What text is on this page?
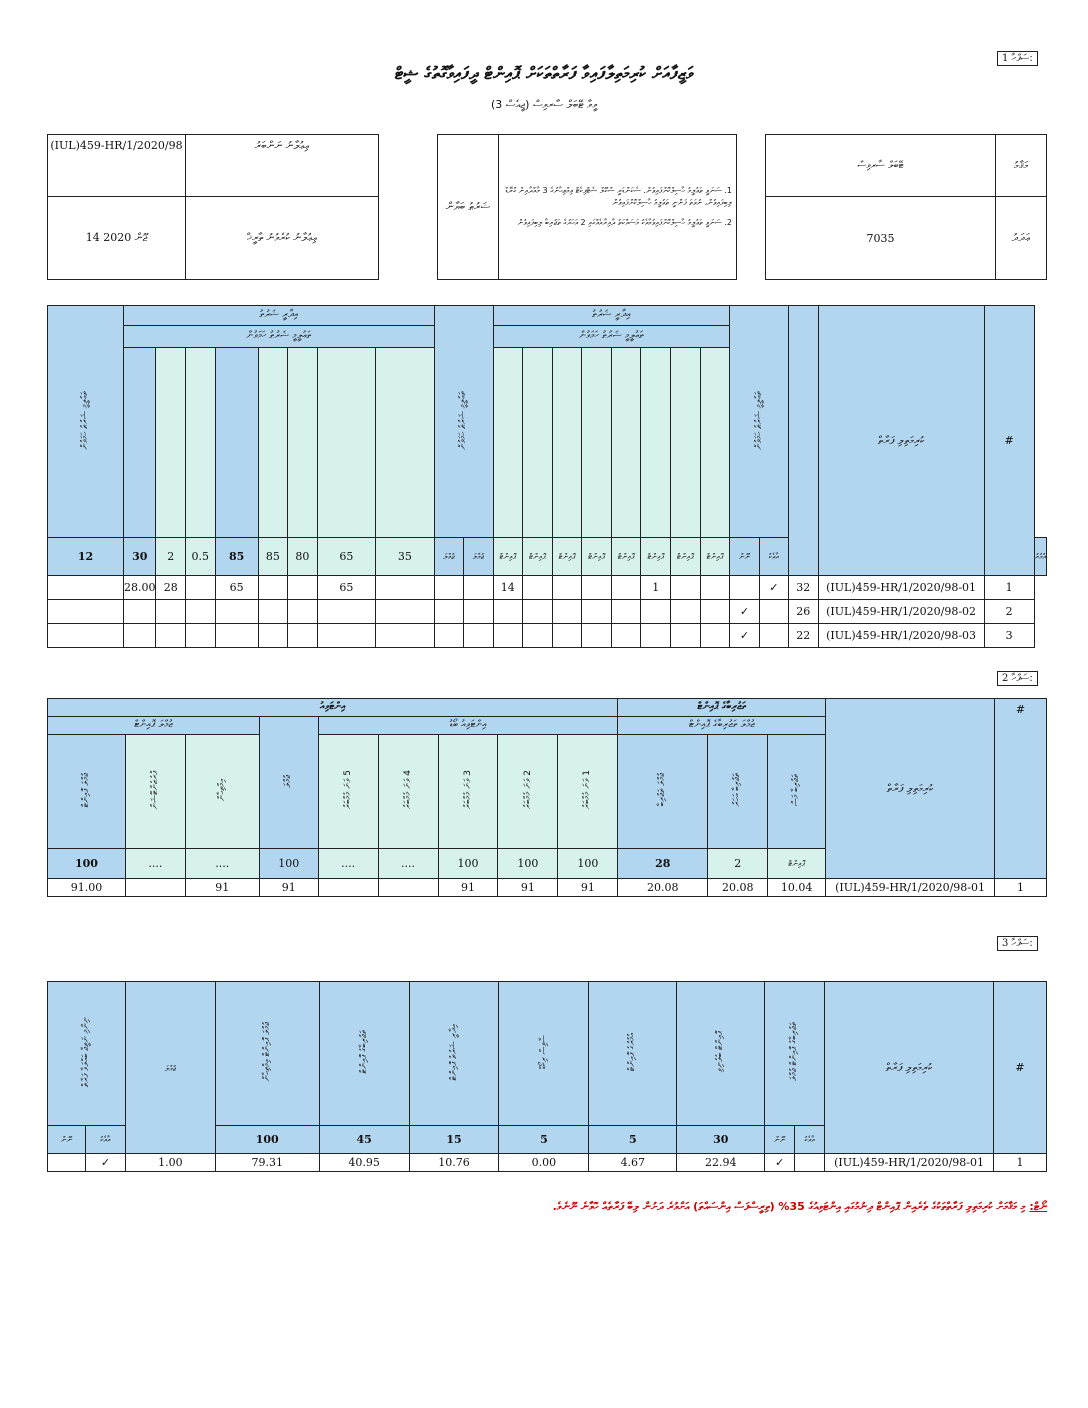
1 ސަފްހާ:
2 ސަފްހާ:
3 ސަފްހާ:
ވަޒީފާއަށް ކުރިމަތިލާފައިވާ ފަރާތްތަކަށް ޕޮއިންޓް ދީފައިވާގޮތުގެ ޝީޓް
ވީވާ ޓޭބަލް ސާރވިސް (ޖީއެސް 3)
(IUL)459-HR/1/2020/98	ޢިޢުލާނު ނަންބަރު
14 ޖޫން 2020	ޢިޢުލާނު ކުރެވުނު ތާރީޚް
ޝަރުޠު ބަޔާން	
1. ސަނަވީ ތަޢުލީމު ހާސިލްކޮށްފައިވުން. ސެކަންޑަރީ ސްކޫލް ސެޓްފިކެޓް ޢިމްތިޙާނުގެ 3 މާއްދާއިން ގްރޭޑް ލިބިފައިވުން، ނުވަތަ ފަންނީ ތަޢުލީމު ހާސިލްކޮށްފައިވުން
2. ސަނަވީ ތަޢުލީމު ހާސިލްކޮށްފައިވުމާއެކު މަސައްކަތު ދާއިރާއެއްގައި 2 އަހަރުގެ ތަޖުރިބާ ލިބިފައިވުން
ޓޭބަލް ސާރވިސް	މަޤާމު
7035	ޢަދަދު
ތަޢުލީމީ ޝަރުޠު ހަމަވުން	އިދާރީ ޝަރުތު								ތަޢުލީމީ ޝަރުޠު ހަމަވުން		އިދާރީ ޝަރުތު								ތަޢުލީމީ ޝަރުޠު ހަމަވުން			ކުރިމަތިލި ފަރާތް	#	
	ތަޢުލީމީ ޝަރުޠު ހަމަވުން										ތަޢުލީމީ ޝަރުޠު ހަމަވުން													

12	30	2	0.5	85	85	80	65	35	ޖުމްލަ	ޖުމްލަ	ޕޮއިންޓް	ޕޮއިންޓް	ޕޮއިންޓް	ޕޮއިންޓް	ޕޮއިންޓް	ޕޮއިންޓް	ޕޮއިންޓް	ޕޮއިންޓް	ނޫން	އާއެކު				އުމުރު
	28.00	28		65			65				14					1				✓	32	(IUL)459-HR/1/2020/98-01	1	
																			✓		26	(IUL)459-HR/1/2020/98-02	2	
																			✓		22	(IUL)459-HR/1/2020/98-03	3	
އިންޓަވިއު									ތަޖުރިބާގެ ޕޮއިންޓް			ކުރިމަތިލި ފަރާތް	#
ޖުމްލަ ޕޮއިންޓް			ޖުމްލަ	އިންޓަވިއު ބޯޑު					ޖުމްލަ ތަޖުރިބާގެ ޕޮއިންޓް				
ޖުމްލަ ޕޮއިންޓް	ޕްރެޒެންޓޭޝަން	އިމްތިޙާން		5 ވަނަ މެމްބަރު	4 ވަނަ މެމްބަރު	3 ވަނަ މެމްބަރު	2 ވަނަ މެމްބަރު	1 ވަނަ މެމްބަރު	ޖުމްލަ ތަޖުރިބާ	ތަޖުރިބާ އަހަރު	ތަޖުރިބާ މަސް		
100	....	....	100	....	....	100	100	100	28	2	ޕޮއިންޓް		
91.00		91	91			91	91	91	20.08	20.08	10.04	(IUL)459-HR/1/2020/98-01	1
ނިންމި ނަތީޖާ ބައްލަވާ ފަރާތް		ޖުމްލަ	ޖުމްލަ ޕޮއިންޓް ޢިމްތިޙާން	ތަޖުރިބާގެ ޕޮއިންޓް	އިދާރީ ޝަރުތު ޕޮއިންޓް	ސާވިސް ރިކޯޑް	އުމުރުގެ ޕޮއިންޓް	ޕޮއިންޓް ބެލެނިވި	ތަޖުރިބާގެ ޕޮއިންޓް ޖުމްލަ		ކުރިމަތިލި ފަރާތް	#
ނޫން	އާއެކު		100	45	15	5	5	30	ނޫން	އާއެކު		
	✓	1.00	79.31	40.95	10.76	0.00	4.67	22.94	✓		(IUL)459-HR/1/2020/98-01	1
ނޯޓް: މި މަޤާމަށް ކުރިމަތިލި ފަރާތްތަކުގެ ތެރެއިން ޕޮއިންޓް ދިނުމުގައި އިންޓަވިއުގެ 35% (ތިރީސްފަސް އިންސައްތަ) އަށްވުރެ ދަށުން ލިބޭ ފަރާތެއް ހޮވާނެ ނޫނެވެ.
